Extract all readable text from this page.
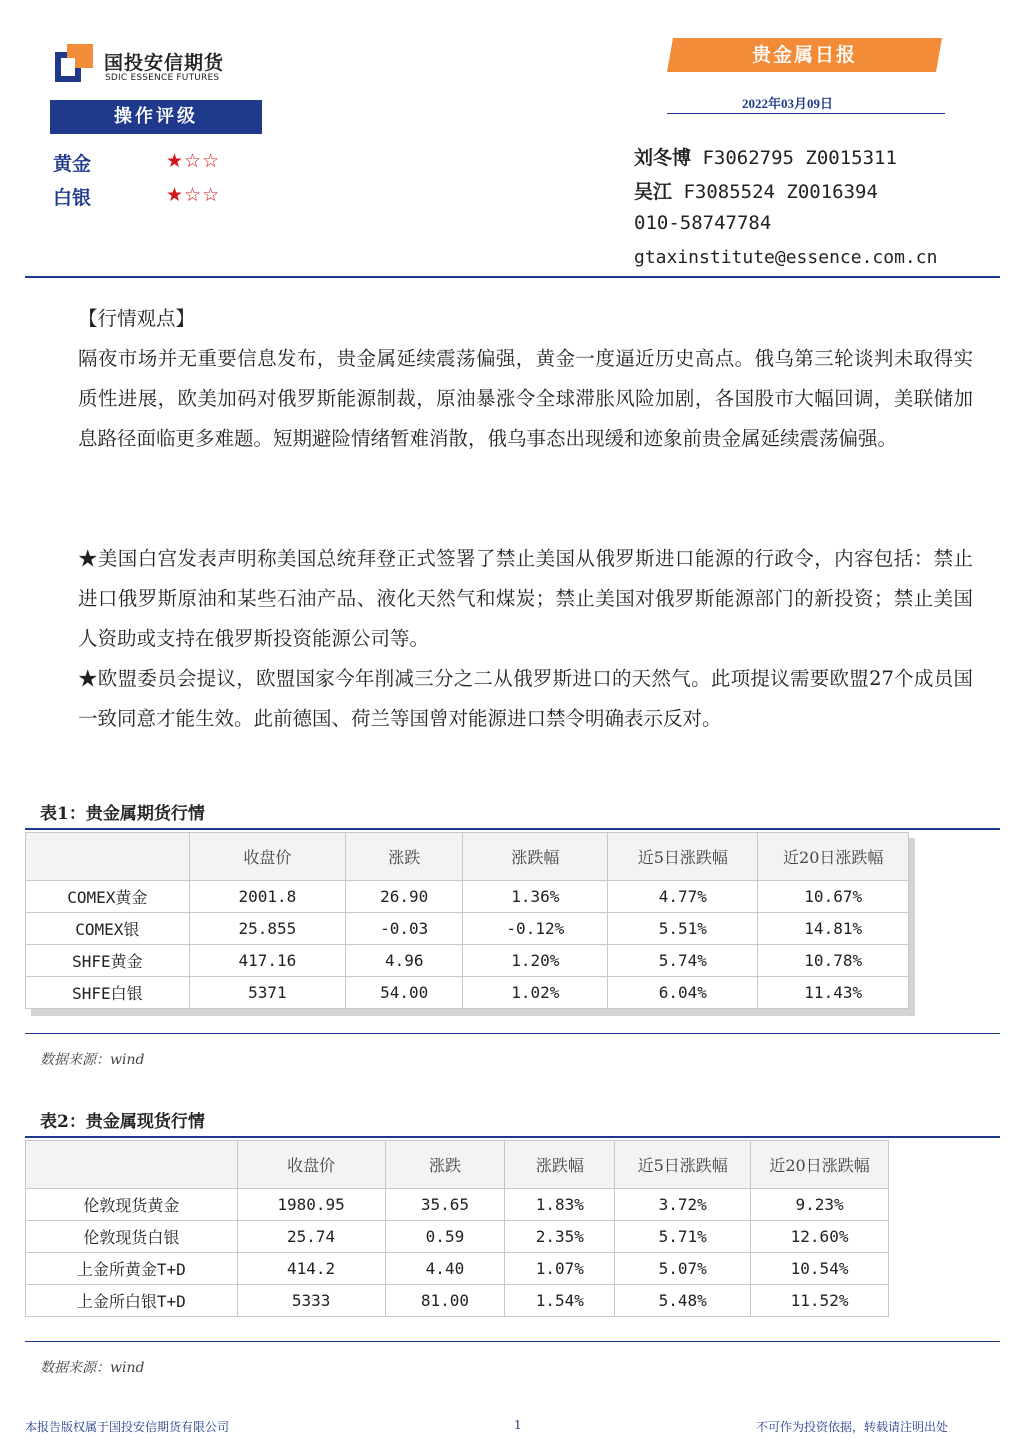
国投安信期货
SDIC ESSENCE FUTURES
贵金属日报
2022年03月09日
操作评级
黄金	★☆☆
白银	★☆☆
刘冬博 F3062795 Z0015311
吴江 F3085524 Z0016394
010-58747784
gtaxinstitute@essence.com.cn
【行情观点】
隔夜市场并无重要信息发布，贵金属延续震荡偏强，黄金一度逼近历史高点。俄乌第三轮谈判未取得实质性进展，欧美加码对俄罗斯能源制裁，原油暴涨令全球滞胀风险加剧，各国股市大幅回调，美联储加息路径面临更多难题。短期避险情绪暂难消散，俄乌事态出现缓和迹象前贵金属延续震荡偏强。
★美国白宫发表声明称美国总统拜登正式签署了禁止美国从俄罗斯进口能源的行政令，内容包括：禁止进口俄罗斯原油和某些石油产品、液化天然气和煤炭；禁止美国对俄罗斯能源部门的新投资；禁止美国人资助或支持在俄罗斯投资能源公司等。
★欧盟委员会提议，欧盟国家今年削减三分之二从俄罗斯进口的天然气。此项提议需要欧盟27个成员国一致同意才能生效。此前德国、荷兰等国曾对能源进口禁令明确表示反对。
表1：贵金属期货行情
	收盘价	涨跌	涨跌幅	近5日涨跌幅	近20日涨跌幅
COMEX黄金	2001.8	26.90	1.36%	4.77%	10.67%
COMEX银	25.855	-0.03	-0.12%	5.51%	14.81%
SHFE黄金	417.16	4.96	1.20%	5.74%	10.78%
SHFE白银	5371	54.00	1.02%	6.04%	11.43%
数据来源：wind
表2：贵金属现货行情
	收盘价	涨跌	涨跌幅	近5日涨跌幅	近20日涨跌幅
伦敦现货黄金	1980.95	35.65	1.83%	3.72%	9.23%
伦敦现货白银	25.74	0.59	2.35%	5.71%	12.60%
上金所黄金T+D	414.2	4.40	1.07%	5.07%	10.54%
上金所白银T+D	5333	81.00	1.54%	5.48%	11.52%
数据来源：wind
本报告版权属于国投安信期货有限公司	1	不可作为投资依据，转载请注明出处
